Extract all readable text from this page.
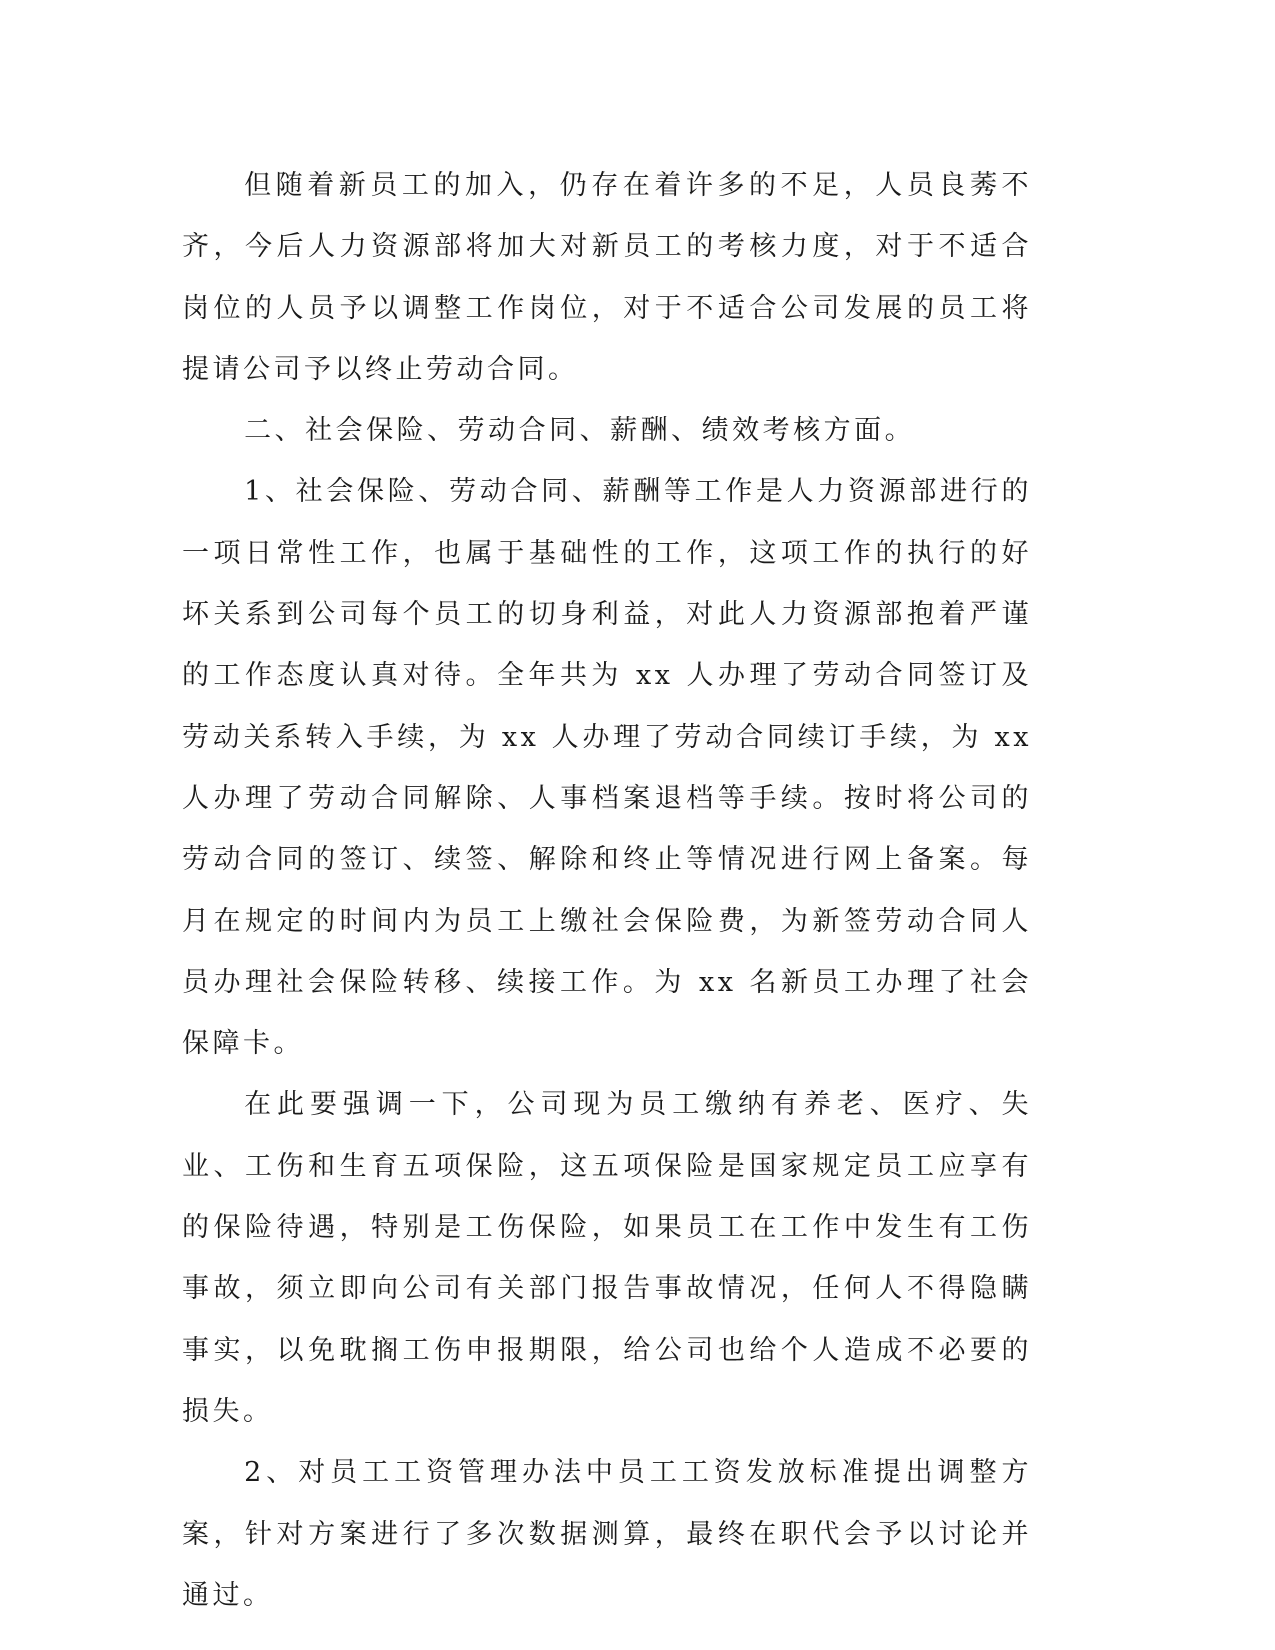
但随着新员工的加入，仍存在着许多的不足，人员良莠不齐，今后人力资源部将加大对新员工的考核力度，对于不适合岗位的人员予以调整工作岗位，对于不适合公司发展的员工将提请公司予以终止劳动合同。

二、社会保险、劳动合同、薪酬、绩效考核方面。

1、社会保险、劳动合同、薪酬等工作是人力资源部进行的一项日常性工作，也属于基础性的工作，这项工作的执行的好坏关系到公司每个员工的切身利益，对此人力资源部抱着严谨的工作态度认真对待。全年共为 xx 人办理了劳动合同签订及劳动关系转入手续，为 xx 人办理了劳动合同续订手续，为 xx 人办理了劳动合同解除、人事档案退档等手续。按时将公司的劳动合同的签订、续签、解除和终止等情况进行网上备案。每月在规定的时间内为员工上缴社会保险费，为新签劳动合同人员办理社会保险转移、续接工作。为 xx 名新员工办理了社会保障卡。

在此要强调一下，公司现为员工缴纳有养老、医疗、失业、工伤和生育五项保险，这五项保险是国家规定员工应享有的保险待遇，特别是工伤保险，如果员工在工作中发生有工伤事故，须立即向公司有关部门报告事故情况，任何人不得隐瞒事实，以免耽搁工伤申报期限，给公司也给个人造成不必要的损失。

2、对员工工资管理办法中员工工资发放标准提出调整方案，针对方案进行了多次数据测算，最终在职代会予以讨论并通过。
